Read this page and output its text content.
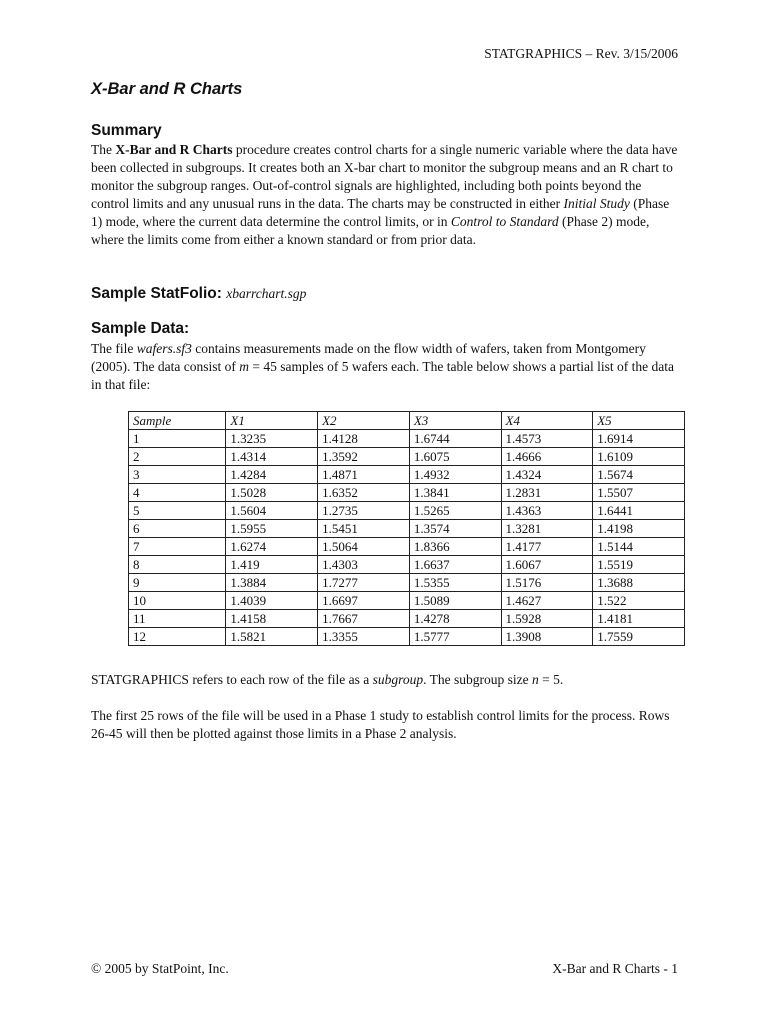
STATGRAPHICS – Rev. 3/15/2006
X-Bar and R Charts
Summary

The X-Bar and R Charts procedure creates control charts for a single numeric variable where the data have been collected in subgroups. It creates both an X-bar chart to monitor the subgroup means and an R chart to monitor the subgroup ranges. Out-of-control signals are highlighted, including both points beyond the control limits and any unusual runs in the data. The charts may be constructed in either Initial Study (Phase 1) mode, where the current data determine the control limits, or in Control to Standard (Phase 2) mode, where the limits come from either a known standard or from prior data.

Sample StatFolio: xbarrchart.sgp
Sample Data:

The file wafers.sf3 contains measurements made on the flow width of wafers, taken from Montgomery (2005). The data consist of m = 45 samples of 5 wafers each. The table below shows a partial list of the data in that file:

Sample	X1	X2	X3	X4	X5
1	1.3235	1.4128	1.6744	1.4573	1.6914
2	1.4314	1.3592	1.6075	1.4666	1.6109
3	1.4284	1.4871	1.4932	1.4324	1.5674
4	1.5028	1.6352	1.3841	1.2831	1.5507
5	1.5604	1.2735	1.5265	1.4363	1.6441
6	1.5955	1.5451	1.3574	1.3281	1.4198
7	1.6274	1.5064	1.8366	1.4177	1.5144
8	1.419	1.4303	1.6637	1.6067	1.5519
9	1.3884	1.7277	1.5355	1.5176	1.3688
10	1.4039	1.6697	1.5089	1.4627	1.522
11	1.4158	1.7667	1.4278	1.5928	1.4181
12	1.5821	1.3355	1.5777	1.3908	1.7559

STATGRAPHICS refers to each row of the file as a subgroup. The subgroup size n = 5.

The first 25 rows of the file will be used in a Phase 1 study to establish control limits for the process. Rows 26-45 will then be plotted against those limits in a Phase 2 analysis.

© 2005 by StatPoint, Inc.	X-Bar and R Charts - 1
